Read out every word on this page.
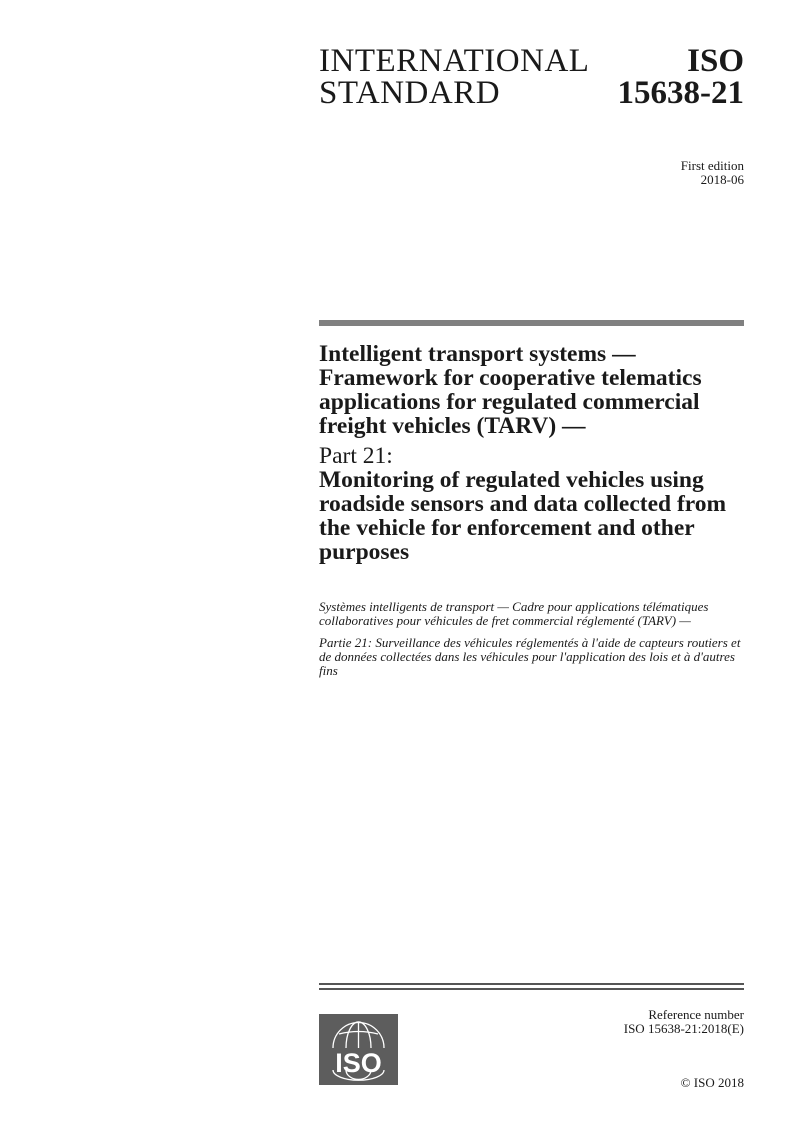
INTERNATIONAL
STANDARD
ISO
15638-21
First edition
2018-06
Intelligent transport systems — Framework for cooperative telematics applications for regulated commercial freight vehicles (TARV) —
Part 21:
Monitoring of regulated vehicles using roadside sensors and data collected from the vehicle for enforcement and other purposes

Systèmes intelligents de transport — Cadre pour applications télématiques collaboratives pour véhicules de fret commercial réglementé (TARV) —

Partie 21: Surveillance des véhicules réglementés à l'aide de capteurs routiers et de données collectées dans les véhicules pour l'application des lois et à d'autres fins

ISO
Reference number
ISO 15638-21:2018(E)
© ISO 2018
